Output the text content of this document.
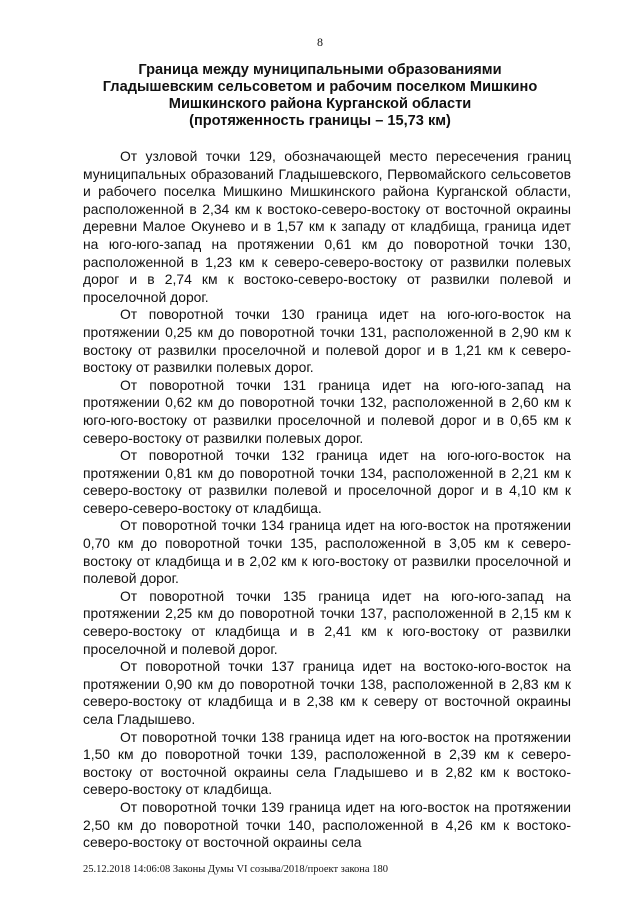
8
Граница между муниципальными образованиями
Гладышевским сельсоветом и рабочим поселком Мишкино
Мишкинского района Курганской области
(протяженность границы – 15,73 км)

От узловой точки 129, обозначающей место пересечения границ муниципальных образований Гладышевского, Первомайского сельсоветов и рабочего поселка Мишкино Мишкинского района Курганской области, расположенной в 2,34 км к востоко-северо-востоку от восточной окраины деревни Малое Окунево и в 1,57 км к западу от кладбища, граница идет на юго-юго-запад на протяжении 0,61 км до поворотной точки 130, расположенной в 1,23 км к северо-северо-востоку от развилки полевых дорог и в 2,74 км к востоко-северо-востоку от развилки полевой и проселочной дорог.

От поворотной точки 130 граница идет на юго-юго-восток на протяжении 0,25 км до поворотной точки 131, расположенной в 2,90 км к востоку от развилки проселочной и полевой дорог и в 1,21 км к северо-востоку от развилки полевых дорог.

От поворотной точки 131 граница идет на юго-юго-запад на протяжении 0,62 км до поворотной точки 132, расположенной в 2,60 км к юго-юго-востоку от развилки проселочной и полевой дорог и в 0,65 км к северо-востоку от развилки полевых дорог.

От поворотной точки 132 граница идет на юго-юго-восток на протяжении 0,81 км до поворотной точки 134, расположенной в 2,21 км к северо-востоку от развилки полевой и проселочной дорог и в 4,10 км к северо-северо-востоку от кладбища.

От поворотной точки 134 граница идет на юго-восток на протяжении 0,70 км до поворотной точки 135, расположенной в 3,05 км к северо-востоку от кладбища и в 2,02 км к юго-востоку от развилки проселочной и полевой дорог.

От поворотной точки 135 граница идет на юго-юго-запад на протяжении 2,25 км до поворотной точки 137, расположенной в 2,15 км к северо-востоку от кладбища и в 2,41 км к юго-востоку от развилки проселочной и полевой дорог.

От поворотной точки 137 граница идет на востоко-юго-восток на протяжении 0,90 км до поворотной точки 138, расположенной в 2,83 км к северо-востоку от кладбища и в 2,38 км к северу от восточной окраины села Гладышево.

От поворотной точки 138 граница идет на юго-восток на протяжении 1,50 км до поворотной точки 139, расположенной в 2,39 км к северо-востоку от восточной окраины села Гладышево и в 2,82 км к востоко-северо-востоку от кладбища.

От поворотной точки 139 граница идет на юго-восток на протяжении 2,50 км до поворотной точки 140, расположенной в 4,26 км к востоко-северо-востоку от восточной окраины села

25.12.2018 14:06:08 Законы Думы VI созыва/2018/проект закона 180
